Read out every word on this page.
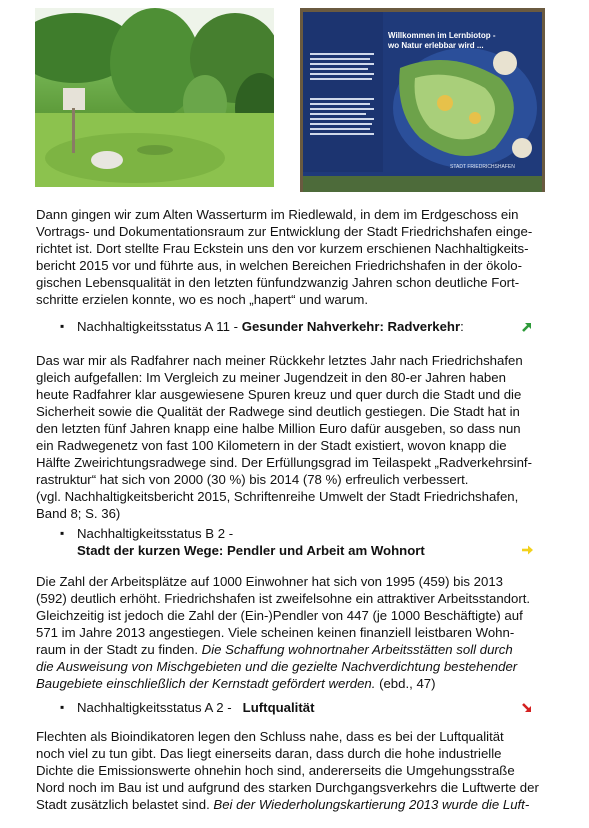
Willkommen im Lernbiotop -
wo Natur erlebbar wird ...
STADT FRIEDRICHSHAFEN
Dann gingen wir zum Alten Wasserturm im Riedlewald, in dem im Erdgeschoss ein
Vortrags- und Dokumentationsraum zur Entwicklung der Stadt Friedrichshafen einge-
richtet ist. Dort stellte Frau Eckstein uns den vor kurzem erschienen Nachhaltigkeits-
bericht 2015 vor und führte aus, in welchen Bereichen Friedrichshafen in der ökolo-
gischen Lebensqualität in den letzten fünfundzwanzig Jahren schon deutliche Fort-
schritte erzielen konnte, wo es noch „hapert“ und warum.
▪ Nachhaltigkeitsstatus A 11 - Gesunder Nahverkehr: Radverkehr:
Das war mir als Radfahrer nach meiner Rückkehr letztes Jahr nach Friedrichshafen
gleich aufgefallen: Im Vergleich zu meiner Jugendzeit in den 80-er Jahren haben
heute Radfahrer klar ausgewiesene Spuren kreuz und quer durch die Stadt und die
Sicherheit sowie die Qualität der Radwege sind deutlich gestiegen. Die Stadt hat in
den letzten fünf Jahren knapp eine halbe Million Euro dafür ausgeben, so dass nun
ein Radwegenetz von fast 100 Kilometern in der Stadt existiert, wovon knapp die
Hälfte Zweirichtungsradwege sind. Der Erfüllungsgrad im Teilaspekt „Radverkehrsinf-
rastruktur“ hat sich von 2000 (30 %) bis 2014 (78 %) erfreulich verbessert.
(vgl. Nachhaltigkeitsbericht 2015, Schriftenreihe Umwelt der Stadt Friedrichshafen,
Band 8; S. 36)
▪ Nachhaltigkeitsstatus B 2 -
Stadt der kurzen Wege: Pendler und Arbeit am Wohnort
Die Zahl der Arbeitsplätze auf 1000 Einwohner hat sich von 1995 (459) bis 2013
(592) deutlich erhöht. Friedrichshafen ist zweifelsohne ein attraktiver Arbeitsstandort.
Gleichzeitig ist jedoch die Zahl der (Ein-)Pendler von 447 (je 1000 Beschäftigte) auf
571 im Jahre 2013 angestiegen. Viele scheinen keinen finanziell leistbaren Wohn-
raum in der Stadt zu finden. Die Schaffung wohnortnaher Arbeitsstätten soll durch
die Ausweisung von Mischgebieten und die gezielte Nachverdichtung bestehender
Baugebiete einschließlich der Kernstadt gefördert werden. (ebd., 47)
▪ Nachhaltigkeitsstatus A 2 -   Luftqualität
Flechten als Bioindikatoren legen den Schluss nahe, dass es bei der Luftqualität
noch viel zu tun gibt. Das liegt einerseits daran, dass durch die hohe industrielle
Dichte die Emissionswerte ohnehin hoch sind, andererseits die Umgehungsstraße
Nord noch im Bau ist und aufgrund des starken Durchgangsverkehrs die Luftwerte der
Stadt zusätzlich belastet sind. Bei der Wiederholungskartierung 2013 wurde die Luft-
